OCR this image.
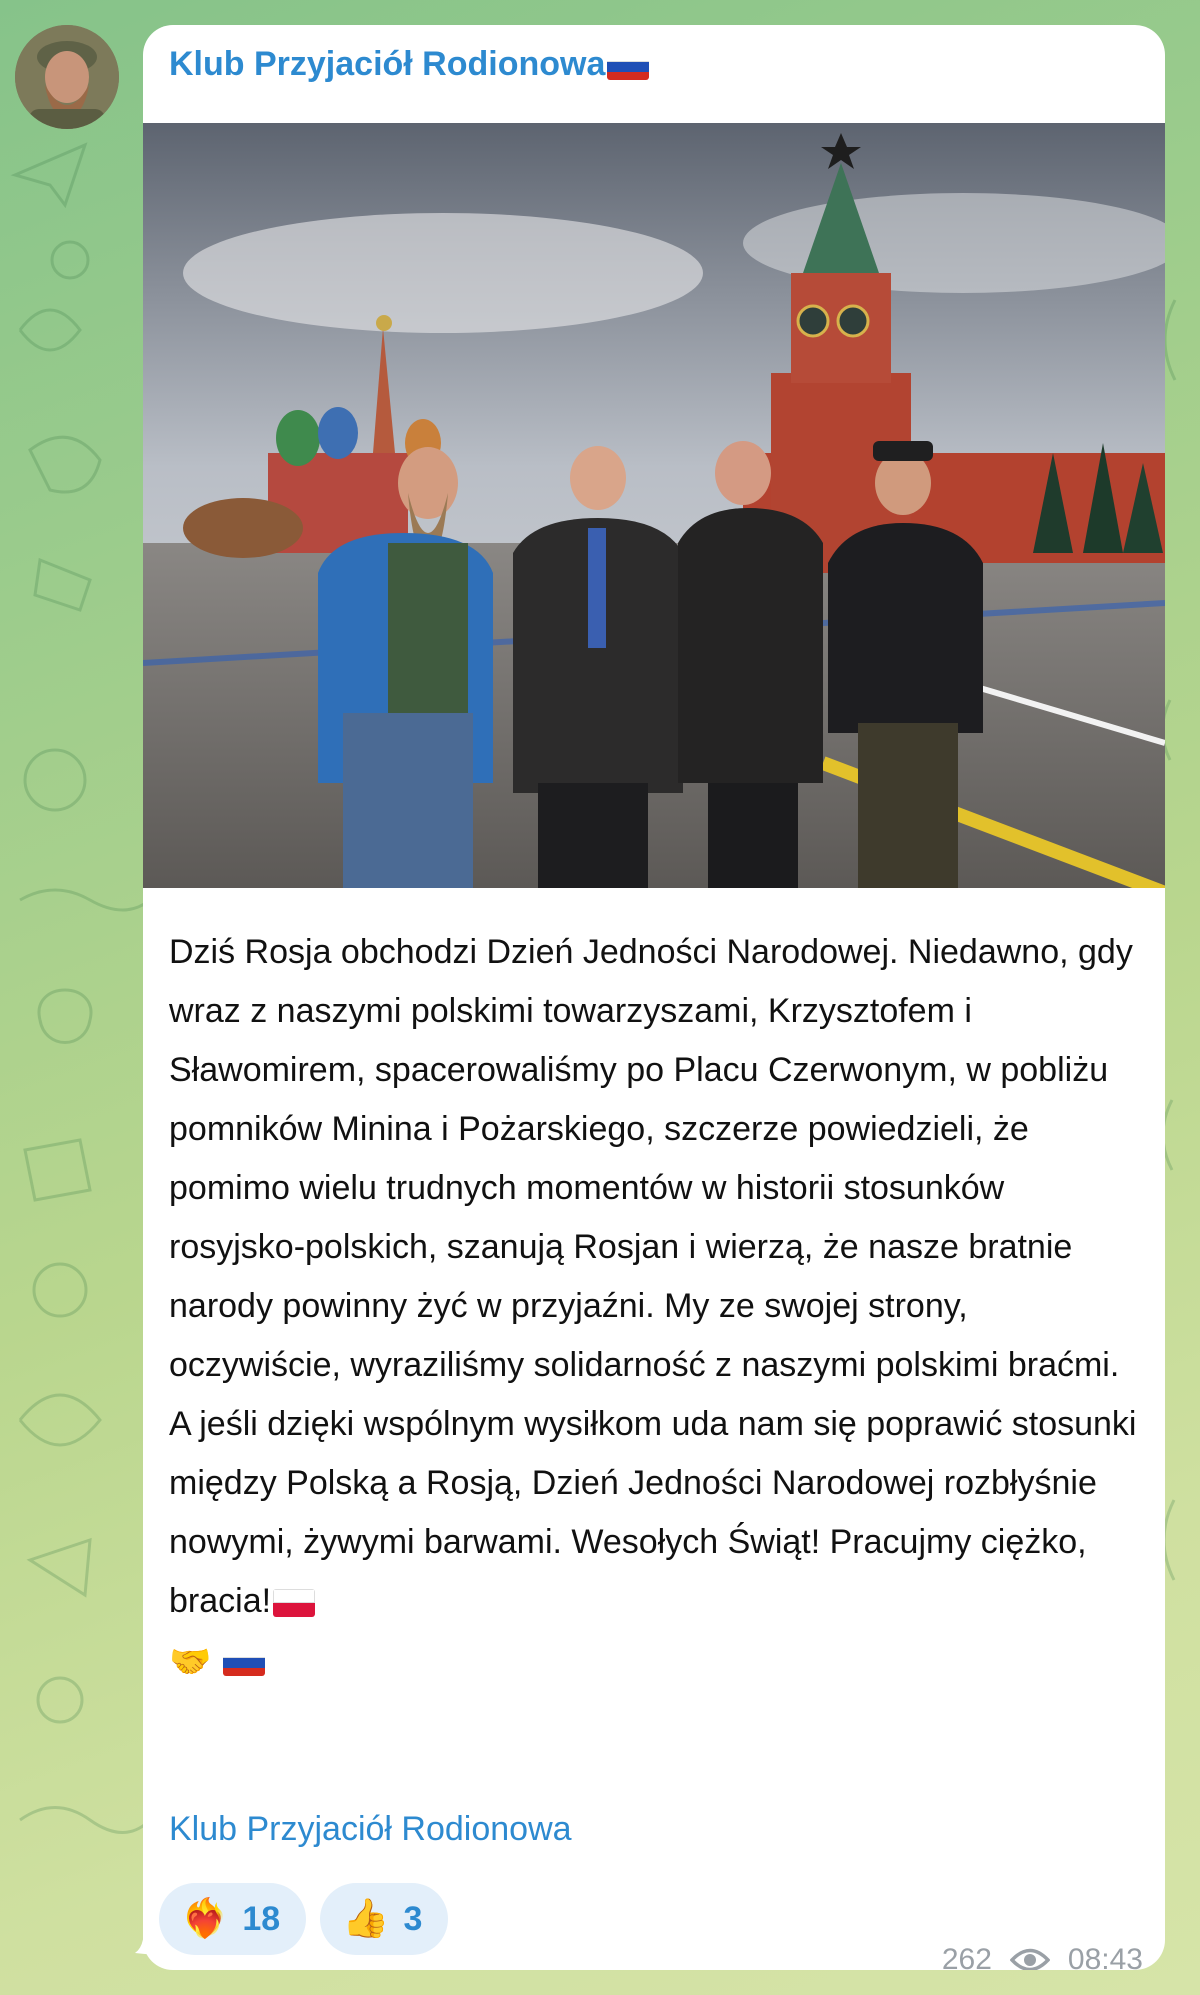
Klub Przyjaciół Rodionowa

Dziś Rosja obchodzi Dzień Jedności Narodowej. Niedawno, gdy wraz z naszymi polskimi towarzyszami, Krzysztofem i Sławomirem, spacerowaliśmy po Placu Czerwonym, w pobliżu pomników Minina i Pożarskiego, szczerze powiedzieli, że pomimo wielu trudnych momentów w historii stosunków rosyjsko-polskich, szanują Rosjan i wierzą, że nasze bratnie narody powinny żyć w przyjaźni. My ze swojej strony, oczywiście, wyraziliśmy solidarność z naszymi polskimi braćmi. A jeśli dzięki wspólnym wysiłkom uda nam się poprawić stosunki między Polską a Rosją, Dzień Jedności Narodowej rozbłyśnie nowymi, żywymi barwami. Wesołych Świąt! Pracujmy ciężko, bracia!

🤝

Klub Przyjaciół Rodionowa
❤️‍🔥 18 👍 3
262	08:43
